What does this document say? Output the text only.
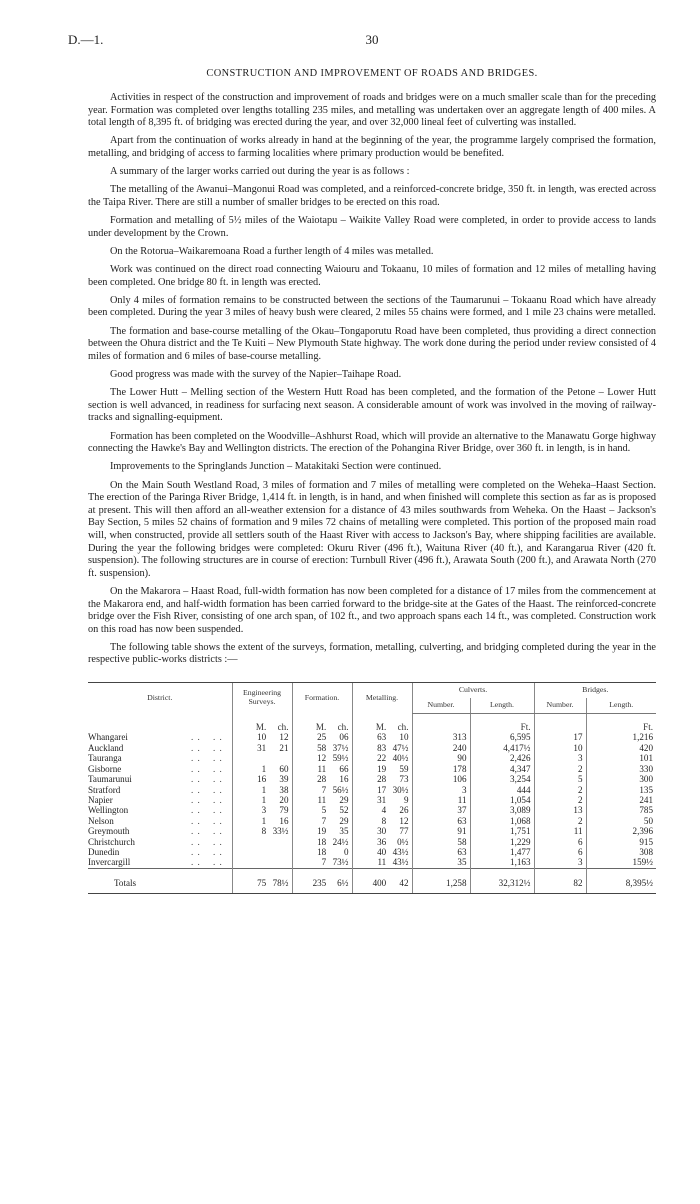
D.—1.	30
CONSTRUCTION AND IMPROVEMENT OF ROADS AND BRIDGES.

Activities in respect of the construction and improvement of roads and bridges were on a much smaller scale than for the preceding year. Formation was completed over lengths totalling 235 miles, and metalling was undertaken over an aggregate length of 400 miles. A total length of 8,395 ft. of bridging was erected during the year, and over 32,000 lineal feet of culverting was installed.

Apart from the continuation of works already in hand at the beginning of the year, the programme largely comprised the formation, metalling, and bridging of access to farming localities where primary production would be benefited.

A summary of the larger works carried out during the year is as follows :

The metalling of the Awanui–Mangonui Road was completed, and a reinforced-concrete bridge, 350 ft. in length, was erected across the Taipa River. There are still a number of smaller bridges to be erected on this road.

Formation and metalling of 5½ miles of the Waiotapu – Waikite Valley Road were completed, in order to provide access to lands under development by the Crown.

On the Rotorua–Waikaremoana Road a further length of 4 miles was metalled.

Work was continued on the direct road connecting Waiouru and Tokaanu, 10 miles of formation and 12 miles of metalling having been completed. One bridge 80 ft. in length was erected.

Only 4 miles of formation remains to be constructed between the sections of the Taumarunui – Tokaanu Road which have already been completed. During the year 3 miles of heavy bush were cleared, 2 miles 55 chains were formed, and 1 mile 23 chains were metalled.

The formation and base-course metalling of the Okau–Tongaporutu Road have been completed, thus providing a direct connection between the Ohura district and the Te Kuiti – New Plymouth State highway. The work done during the period under review consisted of 4 miles of formation and 6 miles of base-course metalling.

Good progress was made with the survey of the Napier–Taihape Road.

The Lower Hutt – Melling section of the Western Hutt Road has been completed, and the formation of the Petone – Lower Hutt section is well advanced, in readiness for surfacing next season. A considerable amount of work was involved in the moving of railway-tracks and signalling-equipment.

Formation has been completed on the Woodville–Ashhurst Road, which will provide an alternative to the Manawatu Gorge highway connecting the Hawke's Bay and Wellington districts. The erection of the Pohangina River Bridge, over 360 ft. in length, is in hand.

Improvements to the Springlands Junction – Matakitaki Section were continued.

On the Main South Westland Road, 3 miles of formation and 7 miles of metalling were completed on the Weheka–Haast Section. The erection of the Paringa River Bridge, 1,414 ft. in length, is in hand, and when finished will complete this section as far as is proposed at present. This will then afford an all-weather extension for a distance of 43 miles southwards from Weheka. On the Haast – Jackson's Bay Section, 5 miles 52 chains of formation and 9 miles 72 chains of metalling were completed. This portion of the proposed main road will, when constructed, provide all settlers south of the Haast River with access to Jackson's Bay, where shipping facilities are available. During the year the following bridges were completed: Okuru River (496 ft.), Waituna River (40 ft.), and Karangarua River (420 ft. suspension). The following structures are in course of erection: Turnbull River (496 ft.), Arawata South (200 ft.), and Arawata North (270 ft. suspension).

On the Makarora – Haast Road, full-width formation has now been completed for a distance of 17 miles from the commencement at the Makarora end, and half-width formation has been carried forward to the bridge-site at the Gates of the Haast. The reinforced-concrete bridge over the Fish River, consisting of one arch span, of 102 ft., and two approach spans each 14 ft., was completed. Construction work on this road has now been suspended.

The following table shows the extent of the surveys, formation, metalling, culverting, and bridging completed during the year in the respective public-works districts :—

District.			Engineering Surveys.	Formation.	Metalling.	Culverts.		Bridges.	
						Number.	Length.	Number.	Length.
			M. ch.	M. ch.	M. ch.		Ft.		Ft.
Whangarei	. .	. .	10 12	25 06	63 10	313	6,595	17	1,216
Auckland	. .	. .	31 21	58 37½	83 47½	240	4,417½	10	420
Tauranga	. .	. .		12 59½	22 40½	90	2,426	3	101
Gisborne	. .	. .	1 60	11 66	19 59	178	4,347	2	330
Taumarunui	. .	. .	16 39	28 16	28 73	106	3,254	5	300
Stratford	. .	. .	1 38	7 56½	17 30½	3	444	2	135
Napier	. .	. .	1 20	11 29	31 9	11	1,054	2	241
Wellington	. .	. .	3 79	5 52	4 26	37	3,089	13	785
Nelson	. .	. .	1 16	7 29	8 12	63	1,068	2	50
Greymouth	. .	. .	8 33½	19 35	30 77	91	1,751	11	2,396
Christchurch	. .	. .		18 24½	36 0½	58	1,229	6	915
Dunedin	. .	. .		18 0	40 43½	63	1,477	6	308
Invercargill	. .	. .		7 73½	11 43½	35	1,163	3	159½
Totals			75 78½	235 6½	400 42	1,258	32,312½	82	8,395½
